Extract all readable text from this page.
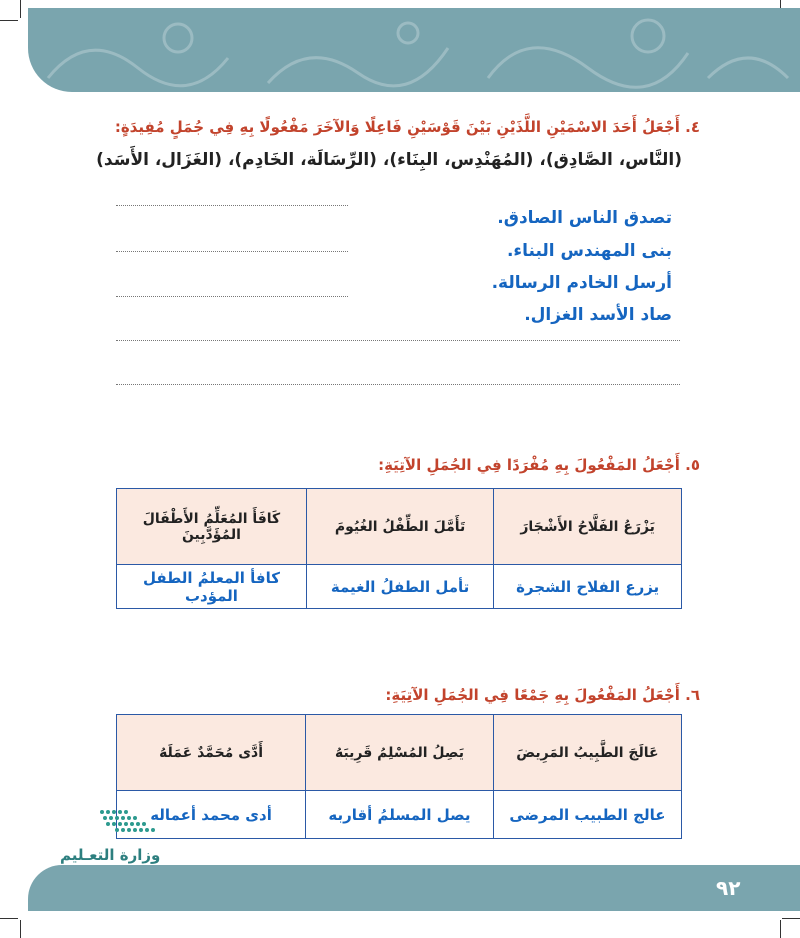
٤. أَجْعَلُ أَحَدَ الاسْمَيْنِ اللَّذَيْنِ بَيْنَ قَوْسَيْنِ فَاعِلًا وَالآخَرَ مَفْعُولًا بِهِ فِي جُمَلٍ مُفِيدَةٍ:
(النَّاس، الصَّادِق)، (المُهَنْدِس، البِنَاء)، (الرِّسَالَة، الخَادِم)، (الغَزَال، الأَسَد)
تصدق الناس الصادق.
بنى المهندس البناء.
أرسل الخادم الرسالة.
صاد الأسد الغزال.
٥. أَجْعَلُ المَفْعُولَ بِهِ مُفْرَدًا فِي الجُمَلِ الآتِيَةِ:
يَزْرَعُ الفَلَّاحُ الأَشْجَارَ	تَأَمَّلَ الطِّفْلُ الغُيُومَ	كَافَأَ المُعَلِّمُ الأَطْفَالَ المُؤَدَّبِينَ
يزرع الفلاح الشجرة	تأمل الطفلُ الغيمة	كافأ المعلمُ الطفل المؤدب
٦. أَجْعَلُ المَفْعُولَ بِهِ جَمْعًا فِي الجُمَلِ الآتِيَةِ:
عَالَجَ الطَّبِيبُ المَرِيضَ	يَصِلُ المُسْلِمُ قَرِيبَهُ	أَدَّى مُحَمَّدٌ عَمَلَهُ
عالج الطبيب المرضى	يصل المسلمُ أقاربه	أدى محمد أعماله
وزارة التعـليم
٩٢
